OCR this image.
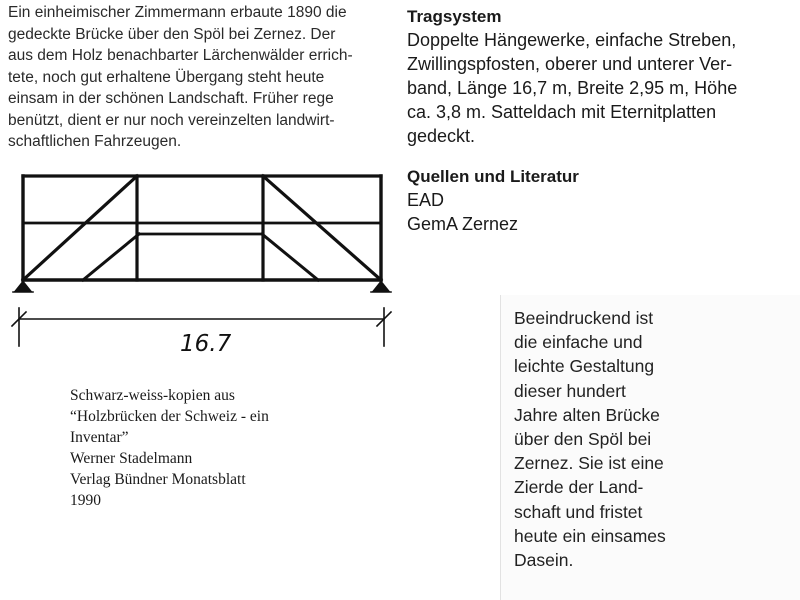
Ein einheimischer Zimmermann erbaute 1890 die
gedeckte Brücke über den Spöl bei Zernez. Der
aus dem Holz benachbarter Lärchenwälder errich-
tete, noch gut erhaltene Übergang steht heute
einsam in der schönen Landschaft. Früher rege
benützt, dient er nur noch vereinzelten landwirt-
schaftlichen Fahrzeugen.
Tragsystem
Doppelte Hängewerke, einfache Streben,
Zwillingspfosten, oberer und unterer Ver-
band, Länge 16,7 m, Breite 2,95 m, Höhe
ca. 3,8 m. Satteldach mit Eternitplatten
gedeckt.
Quellen und Literatur
EAD
GemA Zernez
16.7
Schwarz-weiss-kopien aus
“Holzbrücken der Schweiz - ein
Inventar”
Werner Stadelmann
Verlag Bündner Monatsblatt
1990
Beeindruckend ist
die einfache und
leichte Gestaltung
dieser hundert
Jahre alten Brücke
über den Spöl bei
Zernez. Sie ist eine
Zierde der Land-
schaft und fristet
heute ein einsames
Dasein.
